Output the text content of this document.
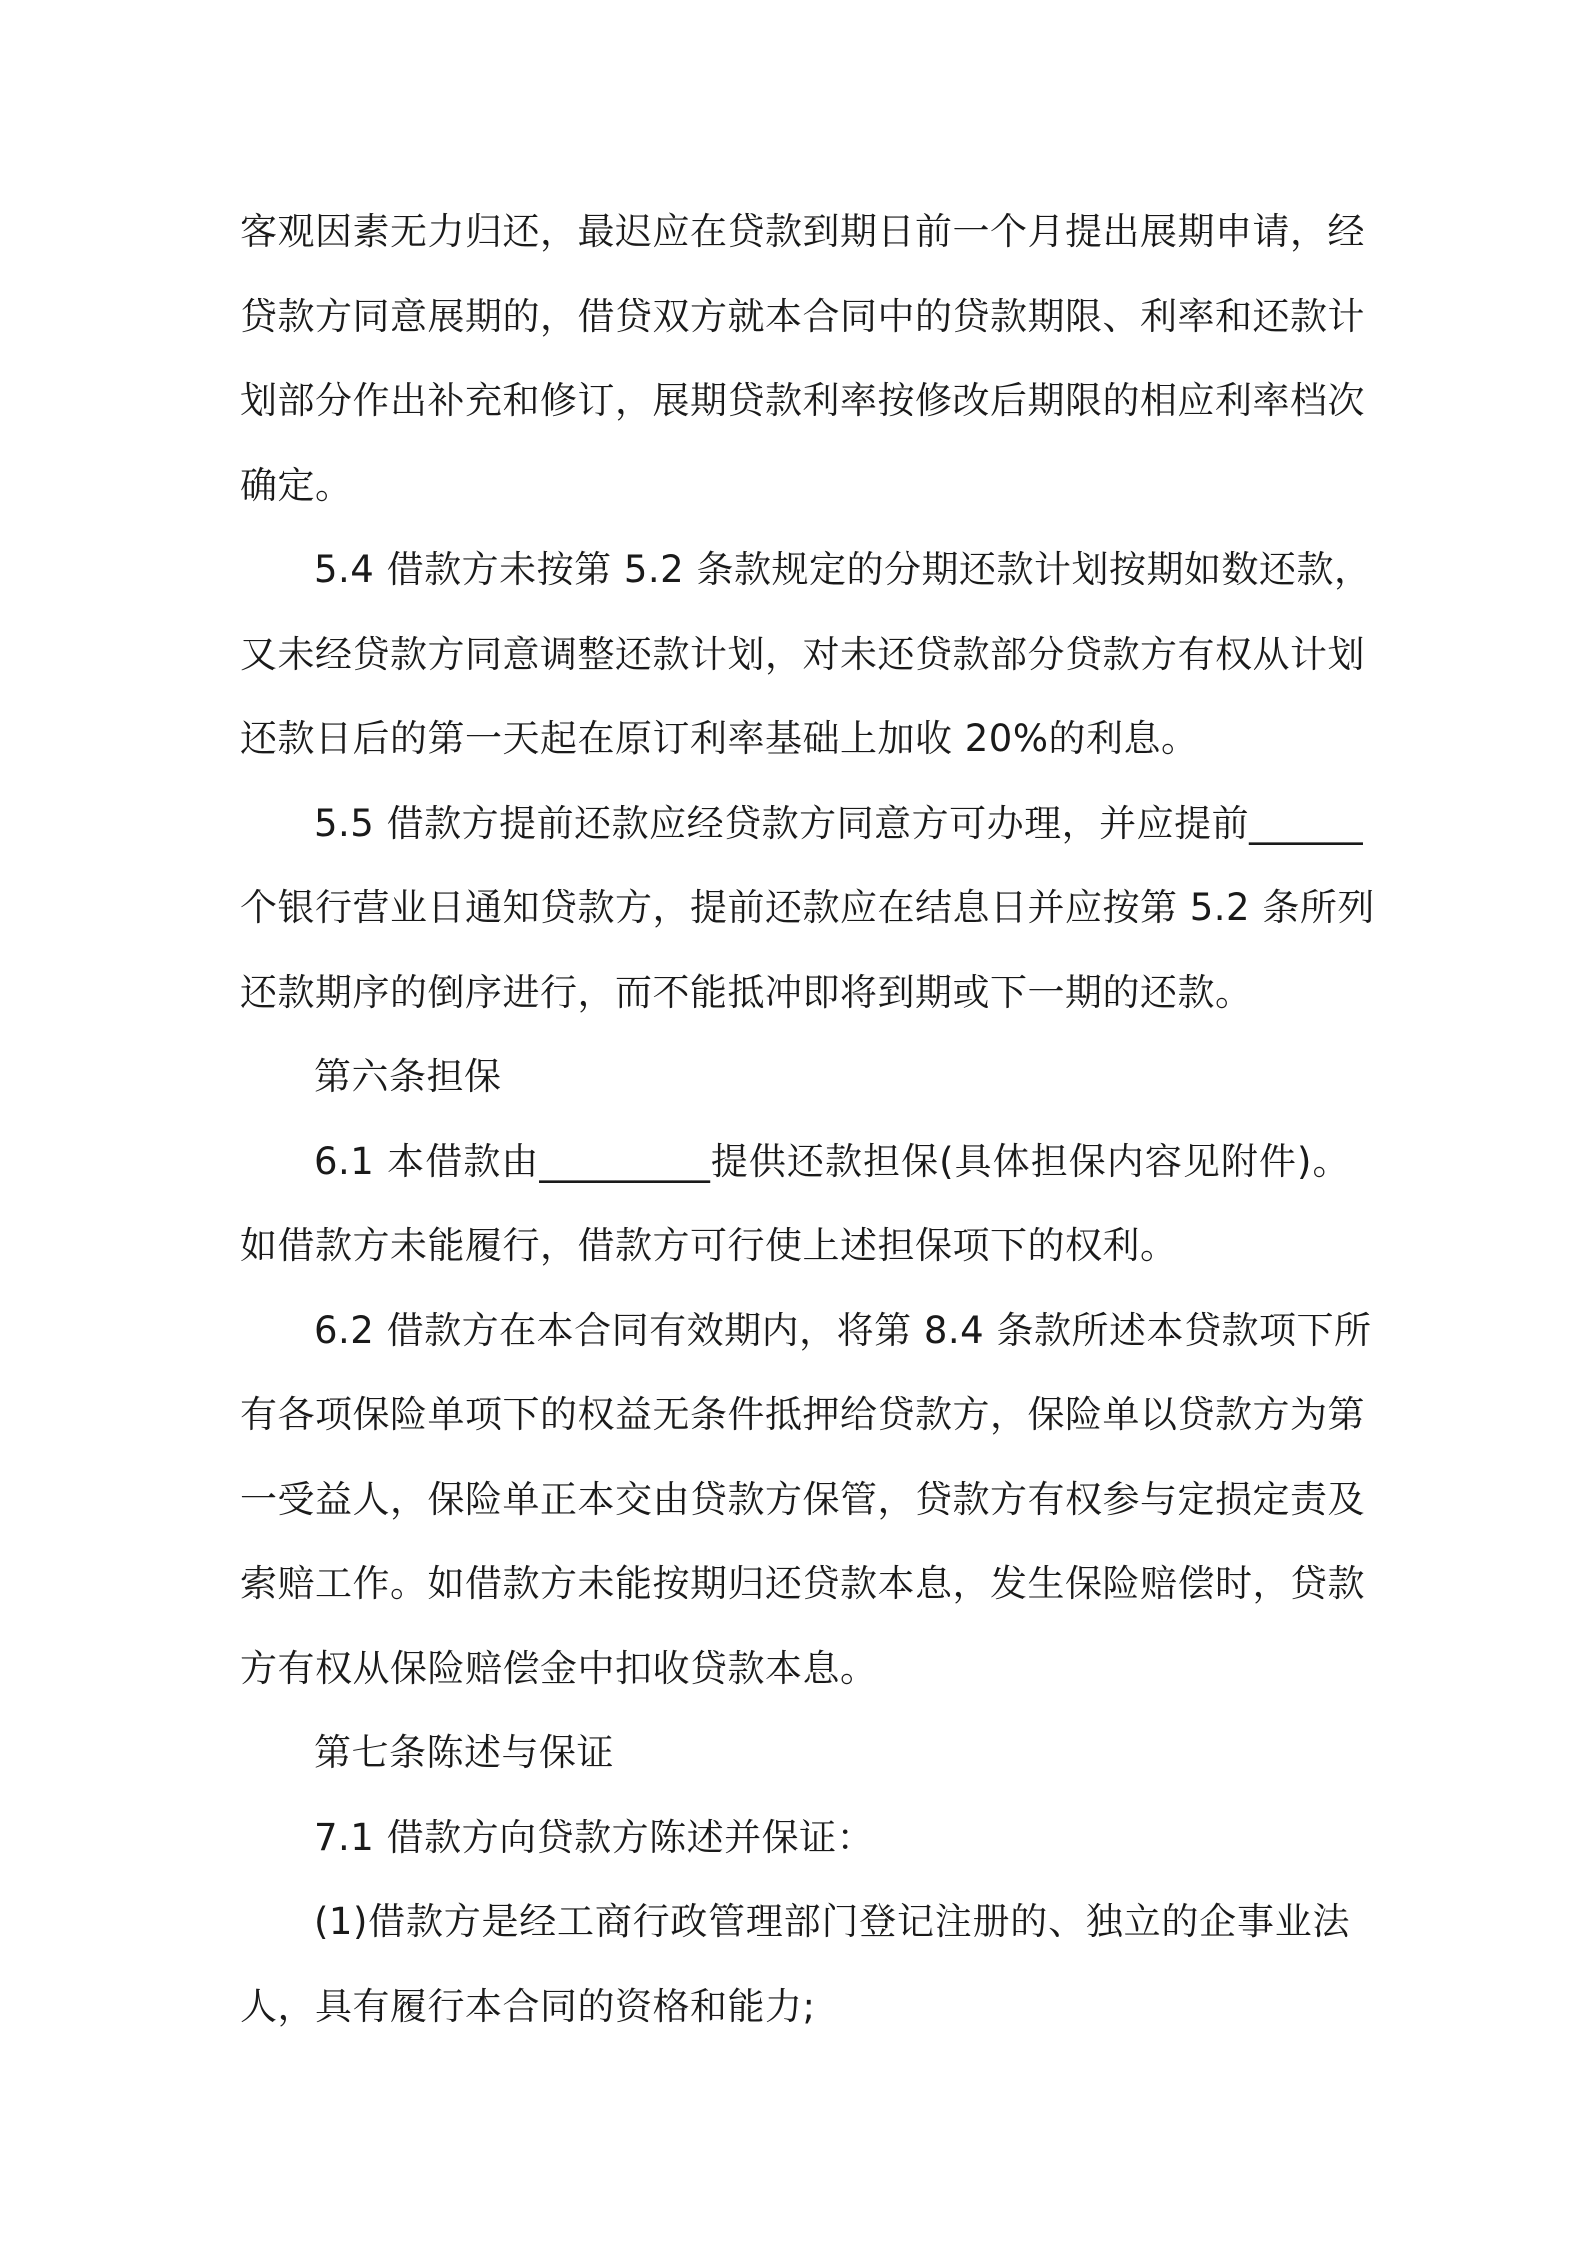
客观因素无力归还，最迟应在贷款到期日前一个月提出展期申请，经
贷款方同意展期的，借贷双方就本合同中的贷款期限、利率和还款计
划部分作出补充和修订，展期贷款利率按修改后期限的相应利率档次
确定。
5.4 借款方未按第 5.2 条款规定的分期还款计划按期如数还款，
又未经贷款方同意调整还款计划，对未还贷款部分贷款方有权从计划
还款日后的第一天起在原订利率基础上加收 20%的利息。
5.5 借款方提前还款应经贷款方同意方可办理，并应提前______
个银行营业日通知贷款方，提前还款应在结息日并应按第 5.2 条所列
还款期序的倒序进行，而不能抵冲即将到期或下一期的还款。
第六条担保
6.1 本借款由_________提供还款担保(具体担保内容见附件)。
如借款方未能履行，借款方可行使上述担保项下的权利。
6.2 借款方在本合同有效期内，将第 8.4 条款所述本贷款项下所
有各项保险单项下的权益无条件抵押给贷款方，保险单以贷款方为第
一受益人，保险单正本交由贷款方保管，贷款方有权参与定损定责及
索赔工作。如借款方未能按期归还贷款本息，发生保险赔偿时，贷款
方有权从保险赔偿金中扣收贷款本息。
第七条陈述与保证
7.1 借款方向贷款方陈述并保证：
(1)借款方是经工商行政管理部门登记注册的、独立的企事业法
人，具有履行本合同的资格和能力;
